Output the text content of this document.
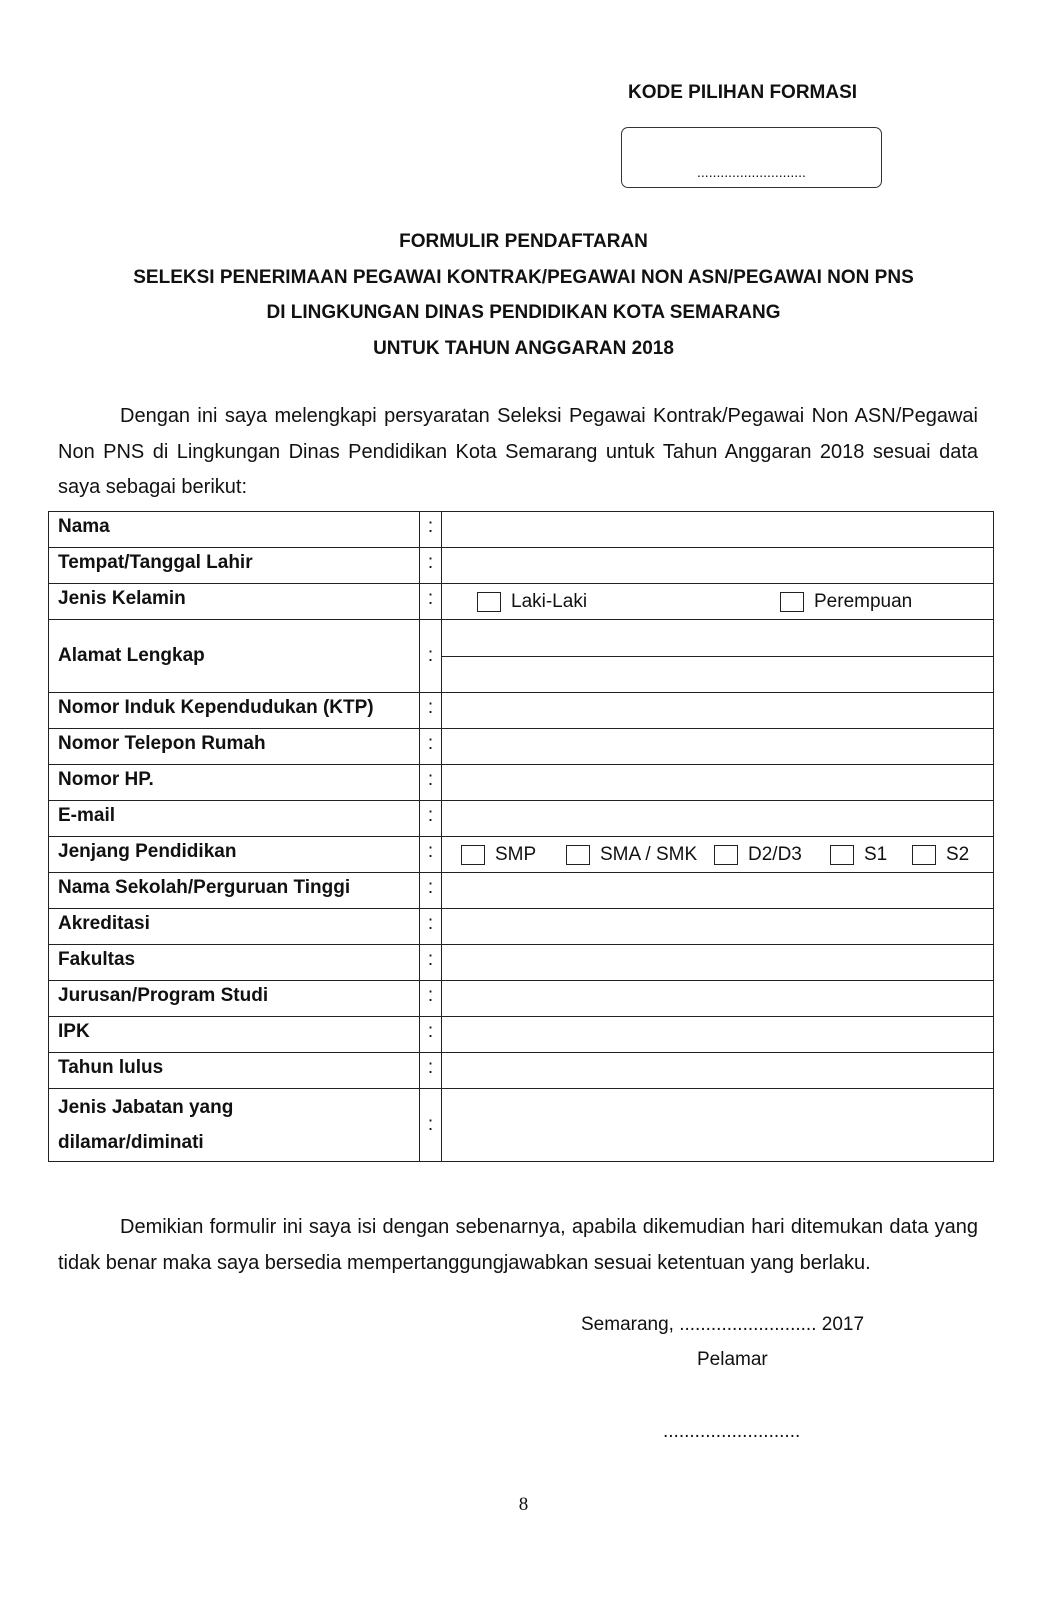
KODE PILIHAN FORMASI
............................
FORMULIR PENDAFTARAN
SELEKSI PENERIMAAN PEGAWAI KONTRAK/PEGAWAI NON ASN/PEGAWAI NON PNS
DI LINGKUNGAN DINAS PENDIDIKAN KOTA SEMARANG
UNTUK TAHUN ANGGARAN 2018
Dengan ini saya melengkapi persyaratan Seleksi Pegawai Kontrak/Pegawai Non ASN/Pegawai Non PNS di Lingkungan Dinas Pendidikan Kota Semarang untuk Tahun Anggaran 2018 sesuai data saya sebagai berikut:
Nama	:	
Tempat/Tanggal Lahir	:	
Jenis Kelamin	:	Laki-Laki Perempuan

Alamat Lengkap	:	

Nomor Induk Kependudukan (KTP)	:	
Nomor Telepon Rumah	:	
Nomor HP.	:	
E-mail	:	
Jenjang Pendidikan	:	SMP SMA / SMK D2/D3 S1 S2

Nama Sekolah/Perguruan Tinggi	:	
Akreditasi	:	
Fakultas	:	
Jurusan/Program Studi	:	
IPK	:	
Tahun lulus	:	

Jenis Jabatan yang
dilamar/diminati	:	
Demikian formulir ini saya isi dengan sebenarnya, apabila dikemudian hari ditemukan data yang tidak benar maka saya bersedia mempertanggungjawabkan sesuai ketentuan yang berlaku.
Semarang, .......................... 2017
Pelamar
..........................
8
